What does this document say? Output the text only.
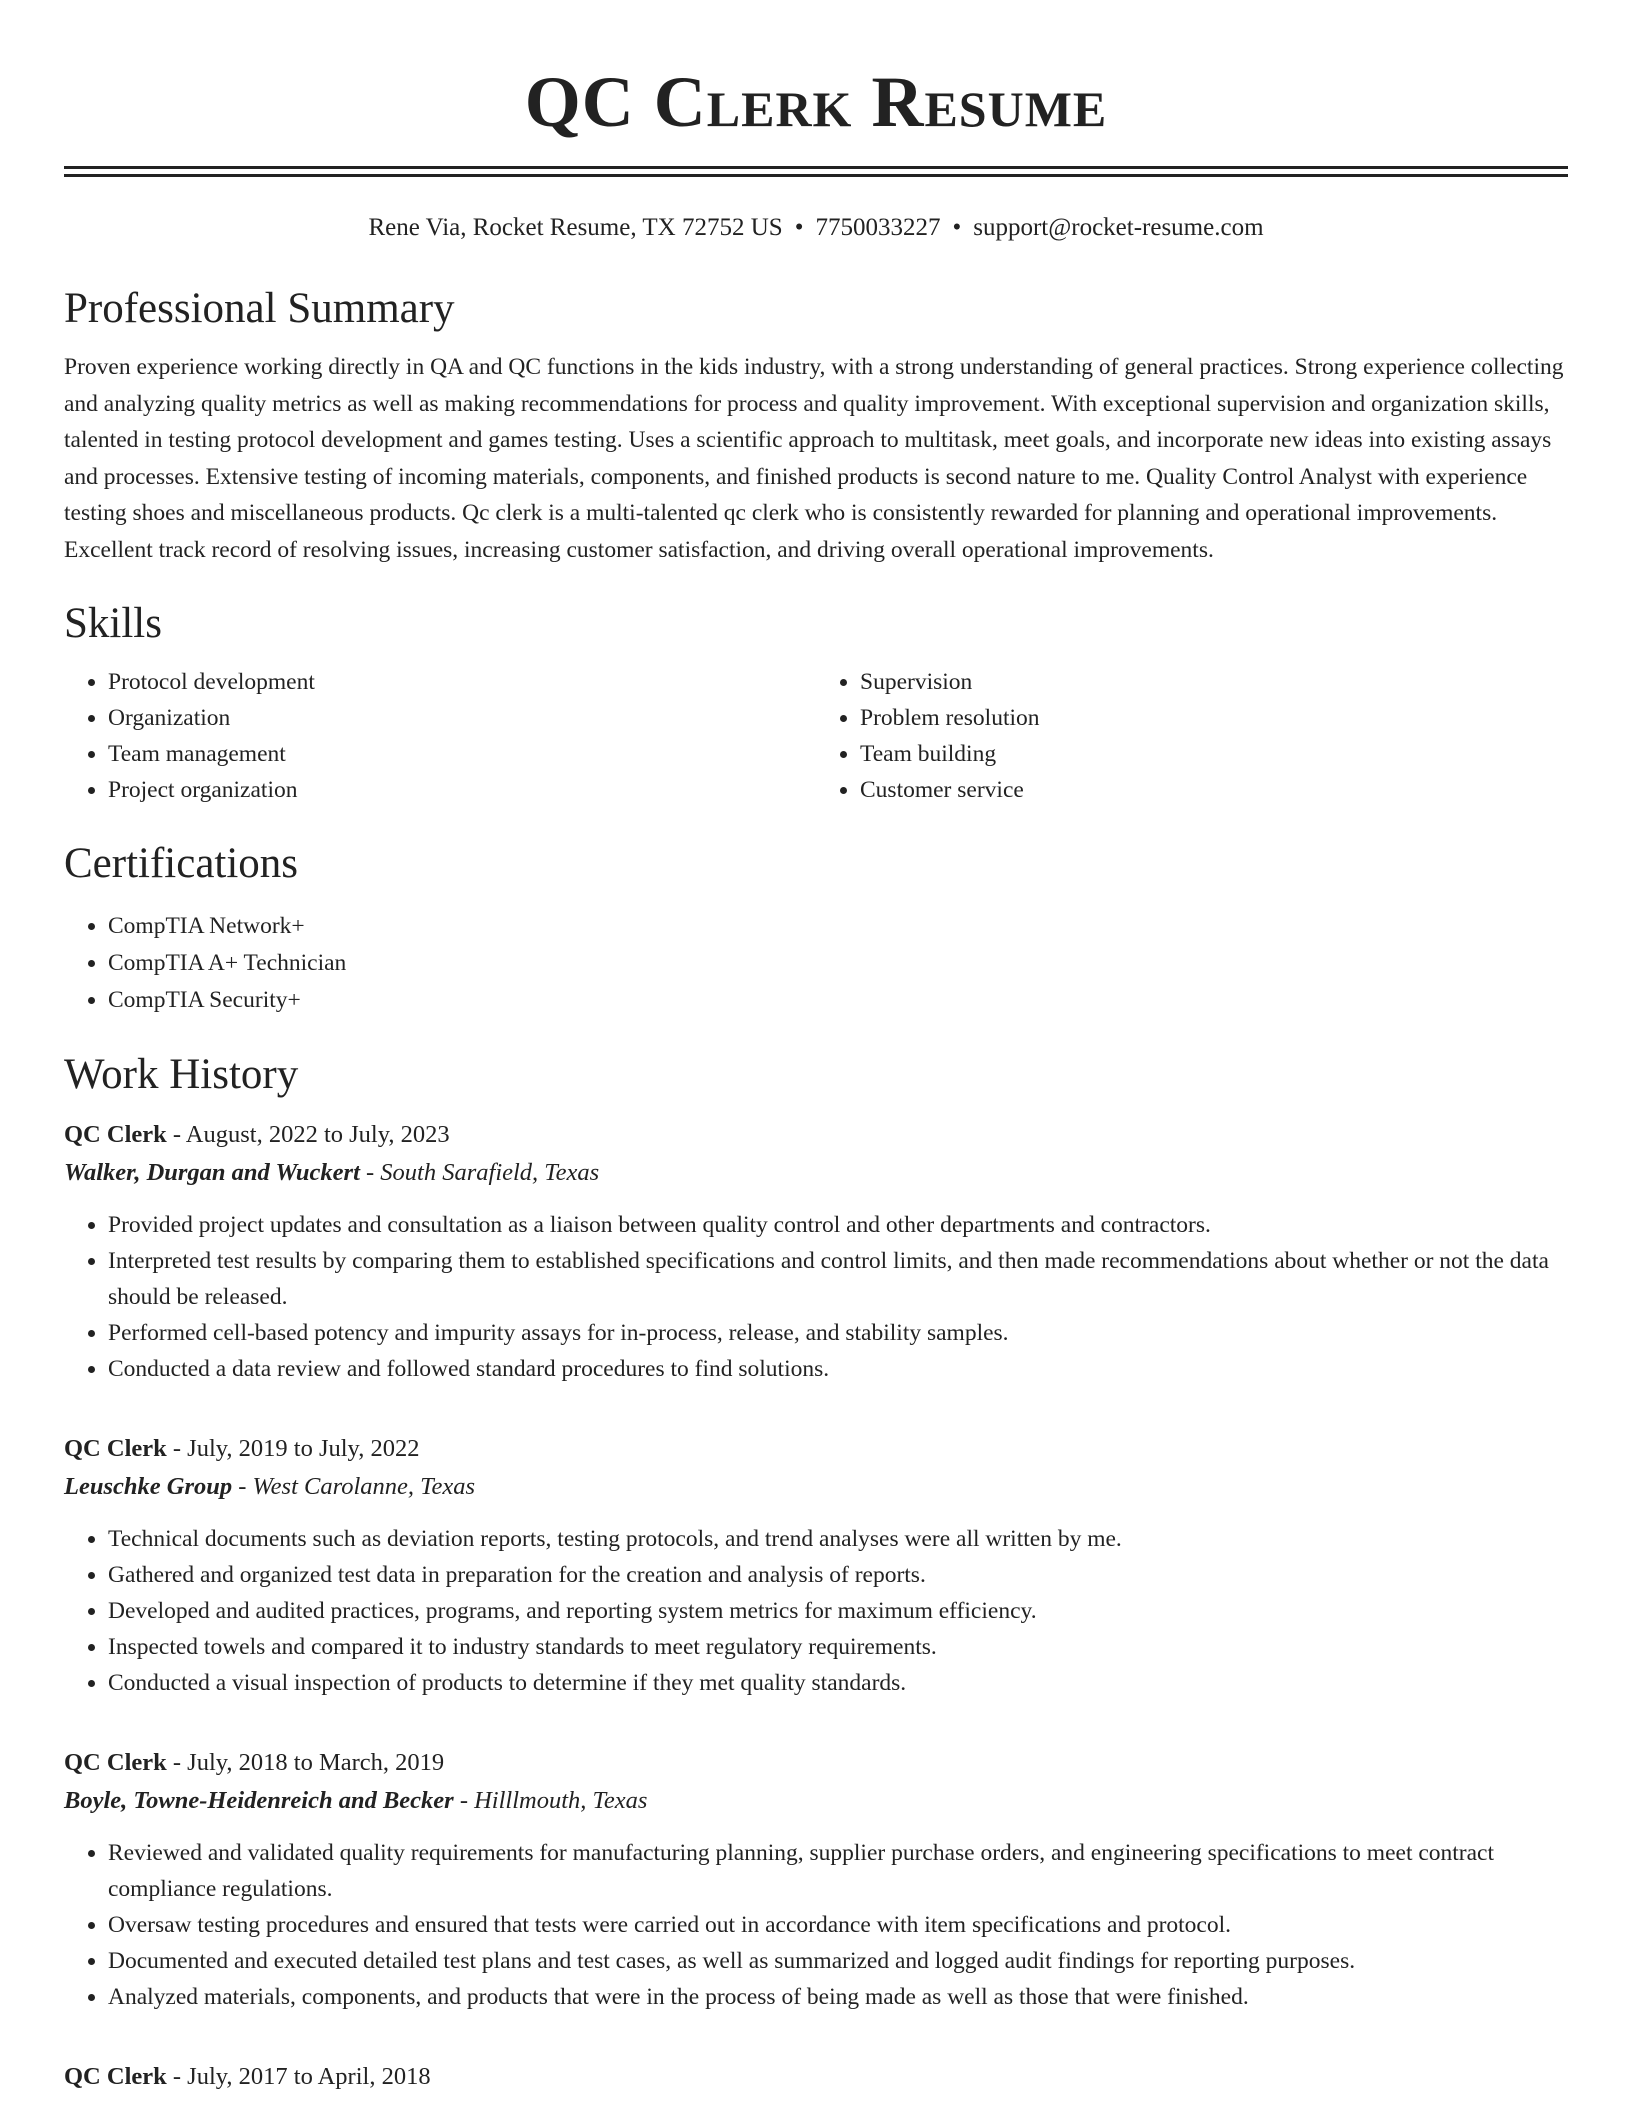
QC Clerk Resume
Rene Via, Rocket Resume, TX 72752 US • 7750033227 • support@rocket-resume.com
Professional Summary
Proven experience working directly in QA and QC functions in the kids industry, with a strong understanding of general practices. Strong experience collecting and analyzing quality metrics as well as making recommendations for process and quality improvement. With exceptional supervision and organization skills, talented in testing protocol development and games testing. Uses a scientific approach to multitask, meet goals, and incorporate new ideas into existing assays and processes. Extensive testing of incoming materials, components, and finished products is second nature to me. Quality Control Analyst with experience testing shoes and miscellaneous products. Qc clerk is a multi-talented qc clerk who is consistently rewarded for planning and operational improvements. Excellent track record of resolving issues, increasing customer satisfaction, and driving overall operational improvements.
Skills
• Protocol development
• Organization
• Team management
• Project organization
• Supervision
• Problem resolution
• Team building
• Customer service
Certifications
• CompTIA Network+
• CompTIA A+ Technician
• CompTIA Security+
Work History
QC Clerk - August, 2022 to July, 2023
Walker, Durgan and Wuckert - South Sarafield, Texas
• Provided project updates and consultation as a liaison between quality control and other departments and contractors.
• Interpreted test results by comparing them to established specifications and control limits, and then made recommendations about whether or not the data should be released.
• Performed cell-based potency and impurity assays for in-process, release, and stability samples.
• Conducted a data review and followed standard procedures to find solutions.
QC Clerk - July, 2019 to July, 2022
Leuschke Group - West Carolanne, Texas
• Technical documents such as deviation reports, testing protocols, and trend analyses were all written by me.
• Gathered and organized test data in preparation for the creation and analysis of reports.
• Developed and audited practices, programs, and reporting system metrics for maximum efficiency.
• Inspected towels and compared it to industry standards to meet regulatory requirements.
• Conducted a visual inspection of products to determine if they met quality standards.
QC Clerk - July, 2018 to March, 2019
Boyle, Towne-Heidenreich and Becker - Hilllmouth, Texas
• Reviewed and validated quality requirements for manufacturing planning, supplier purchase orders, and engineering specifications to meet contract compliance regulations.
• Oversaw testing procedures and ensured that tests were carried out in accordance with item specifications and protocol.
• Documented and executed detailed test plans and test cases, as well as summarized and logged audit findings for reporting purposes.
• Analyzed materials, components, and products that were in the process of being made as well as those that were finished.
QC Clerk - July, 2017 to April, 2018
